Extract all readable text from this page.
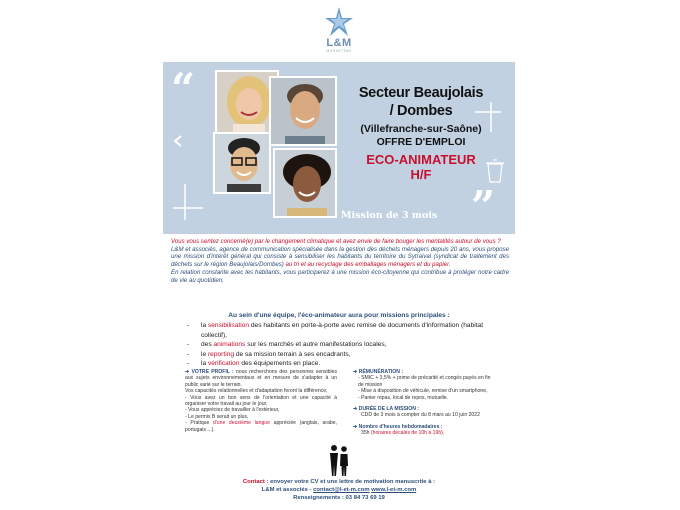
L&M
MARKETING
“
”
Secteur Beaujolais
/ Dombes
(Villefranche-sur-Saône)
OFFRE D'EMPLOI
ECO-ANIMATEUR
H/F
Mission de 3 mois
Vous vous sentez concerné(e) par le changement climatique et avez envie de faire bouger les mentalités autour de vous ?
L&M et associés, agence de communication spécialisée dans la gestion des déchets ménagers depuis 20 ans, vous propose une mission d'intérêt général qui consiste à sensibiliser les habitants du territoire du Sytraival (syndicat de traitement des déchets sur le région Beaujolais/Dombes) au tri et au recyclage des emballages ménagers et du papier.
En relation constante avec les habitants, vous participerez à une mission éco-citoyenne qui contribue à protéger notre cadre de vie au quotidien.
Au sein d'une équipe, l'éco-animateur aura pour missions principales :
- la sensibilisation des habitants en porte-à-porte avec remise de documents d'information (habitat collectif),
- des animations sur les marchés et autre manifestations locales,
- le reporting de sa mission terrain à ses encadrants,
- la vérification des équipements en place.
➔ VOTRE PROFIL : nous recherchons des personnes sensibles aux sujets environnementaux et en mesure de s'adapter à un public varié sur le terrain.
Vos capacités relationnelles et d'adaptation feront la différence,
- Vous avez un bon sens de l'orientation et une capacité à organiser votre travail au jour le jour,
- Vous appréciez de travailler à l'extérieur,
- Le permis B serait un plus,
- Pratique d'une deuxième langue appréciée (anglais, arabe, portugais ...).
➔ RÉMUNÉRATION :
- SMIC + 3,5% + prime de précarité et congés payés en fin de mission
- Mise à disposition de véhicule, remise d'un smartphone,
- Panier repas, local de repos, mutuelle.
➔ DURÉE DE LA MISSION :
CDD de 3 mois à compter du 8 mars au 10 juin 2022
➔ Nombre d'heures hebdomadaires :
35h (horaires décalés de 10h à 19h).
Contact : envoyer votre CV et une lettre de motivation manuscrite à :
L&M et associés - contact@l-et-m.com www.l-et-m.com
Renseignements : 03 84 73 69 19
